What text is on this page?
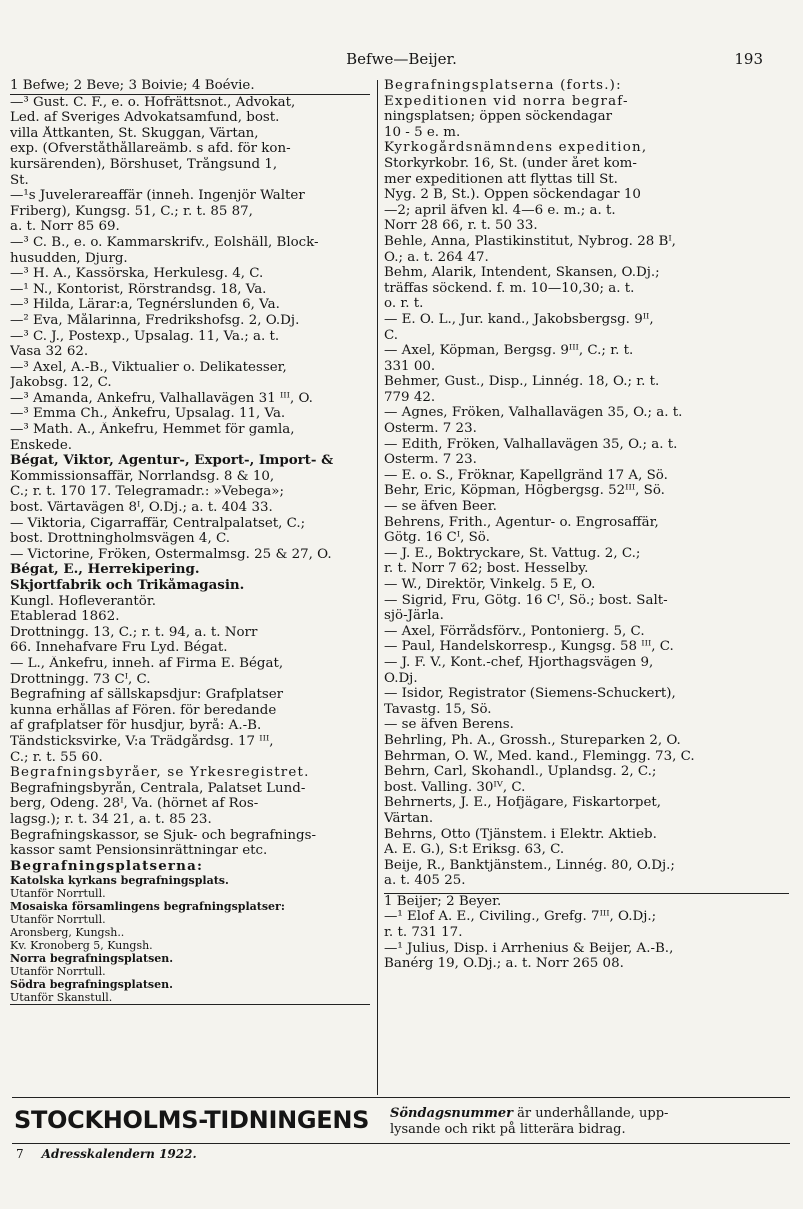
Befwe—Beijer.	193
1 Befwe; 2 Beve; 3 Boivie; 4 Boévie.
—³ Gust. C. F., e. o. Hofrättsnot., Advokat,
Led. af Sveriges Advokatsamfund, bost.
villa Åttkanten, St. Skuggan, Värtan,
exp. (Öfverståthållareämb. s afd. för kon-
kursärenden), Börshuset, Trångsund 1,
St.
—¹s Juvelerareaffär (inneh. Ingenjör Walter
Friberg), Kungsg. 51, C.; r. t. 85 87,
a. t. Norr 85 69.
—³ C. B., e. o. Kammarskrifv., Eolshäll, Block-
husudden, Djurg.
—³ H. A., Kassörska, Herkulesg. 4, C.
—¹ N., Kontorist, Rörstrandsg. 18, Va.
—³ Hilda, Lärar:a, Tegnérslunden 6, Va.
—² Eva, Målarinna, Fredrikshofsg. 2, Ö.Dj.
—³ C. J., Postexp., Upsalag. 11, Va.; a. t.
Vasa 32 62.
—³ Axel, A.-B., Viktualier o. Delikatesser,
Jakobsg. 12, C.
—³ Amanda, Ankefru, Valhallavägen 31 ᴵᴵᴵ, Ö.
—³ Emma Ch., Änkefru, Upsalag. 11, Va.
—³ Math. A., Änkefru, Hemmet för gamla,
Enskede.
Bégat, Viktor, Agentur-, Export-, Import- &
Kommissionsaffär, Norrlandsg. 8 & 10,
C.; r. t. 170 17. Telegramadr.: »Vebega»;
bost. Värtavägen 8ᴵ, Ö.Dj.; a. t. 404 33.
— Viktoria, Cigarraffär, Centralpalatset, C.;
bost. Drottningholmsvägen 4, C.
— Victorine, Fröken, Östermalmsg. 25 & 27, Ö.
Bégat, E., Herrekipering.
Skjortfabrik och Trikåmagasin.
Kungl. Hofleverantör.
Etablerad 1862.
Drottningg. 13, C.; r. t. 94, a. t. Norr
66. Innehafvare Fru Lyd. Bégat.
— L., Änkefru, inneh. af Firma E. Bégat,
Drottningg. 73 Cᴵ, C.
Begrafning af sällskapsdjur: Grafplatser
kunna erhållas af Fören. för beredande
af grafplatser för husdjur, byrå: A.-B.
Tändsticksvirke, V:a Trädgårdsg. 17 ᴵᴵᴵ,
C.; r. t. 55 60.
Begrafningsbyråer, se Yrkesregistret.
Begrafningsbyrån, Centrala, Palatset Lund-
berg, Odeng. 28ᴵ, Va. (hörnet af Ros-
lagsg.); r. t. 34 21, a. t. 85 23.
Begrafningskassor, se Sjuk- och begrafnings-
kassor samt Pensionsinrättningar etc.
Begrafningsplatserna:
Katolska kyrkans begrafningsplats.
Utanför Norrtull.
Mosaiska församlingens begrafningsplatser:
Utanför Norrtull.
Aronsberg, Kungsh..
Kv. Kronoberg 5, Kungsh.
Norra begrafningsplatsen.
Utanför Norrtull.
Södra begrafningsplatsen.
Utanför Skanstull.
Begrafningsplatserna (forts.):
Expeditionen vid norra begraf-
ningsplatsen; öppen söckendagar
10 - 5 e. m.
Kyrkogårdsnämndens expedition,
Storkyrkobr. 16, St. (under året kom-
mer expeditionen att flyttas till St.
Nyg. 2 B, St.). Öppen söckendagar 10
—2; april äfven kl. 4—6 e. m.; a. t.
Norr 28 66, r. t. 50 33.
Behle, Anna, Plastikinstitut, Nybrog. 28 Bᴵ,
Ö.; a. t. 264 47.
Behm, Alarik, Intendent, Skansen, Ö.Dj.;
träffas söckend. f. m. 10—10,30; a. t.
o. r. t.
— E. O. L., Jur. kand., Jakobsbergsg. 9ᴵᴵ,
C.
— Axel, Köpman, Bergsg. 9ᴵᴵᴵ, C.; r. t.
331 00.
Behmer, Gust., Disp., Linnég. 18, Ö.; r. t.
779 42.
— Agnes, Fröken, Valhallavägen 35, Ö.; a. t.
Österm. 7 23.
— Edith, Fröken, Valhallavägen 35, Ö.; a. t.
Österm. 7 23.
— E. o. S., Fröknar, Kapellgränd 17 A, Sö.
Behr, Eric, Köpman, Högbergsg. 52ᴵᴵᴵ, Sö.
— se äfven Beer.
Behrens, Frith., Agentur- o. Engrosaffär,
Götg. 16 Cᴵ, Sö.
— J. E., Boktryckare, St. Vattug. 2, C.;
r. t. Norr 7 62; bost. Hesselby.
— W., Direktör, Vinkelg. 5 E, Ö.
— Sigrid, Fru, Götg. 16 Cᴵ, Sö.; bost. Salt-
sjö-Järla.
— Axel, Förrådsförv., Pontonierg. 5, C.
— Paul, Handelskorresp., Kungsg. 58 ᴵᴵᴵ, C.
— J. F. V., Kont.-chef, Hjorthagsvägen 9,
Ö.Dj.
— Isidor, Registrator (Siemens-Schuckert),
Tavastg. 15, Sö.
— se äfven Berens.
Behrling, Ph. A., Grossh., Stureparken 2, Ö.
Behrman, O. W., Med. kand., Flemingg. 73, C.
Behrn, Carl, Skohandl., Uplandsg. 2, C.;
bost. Valling. 30ᴵⱽ, C.
Behrnerts, J. E., Hofjägare, Fiskartorpet,
Värtan.
Behrns, Otto (Tjänstem. i Elektr. Aktieb.
A. E. G.), S:t Eriksg. 63, C.
Beije, R., Banktjänstem., Linnég. 80, Ö.Dj.;
a. t. 405 25.
1 Beijer; 2 Beyer.
—¹ Elof A. E., Civiling., Grefg. 7ᴵᴵᴵ, Ö.Dj.;
r. t. 731 17.
—¹ Julius, Disp. i Arrhenius & Beijer, A.-B.,
Banérg 19, Ö.Dj.; a. t. Norr 265 08.
STOCKHOLMS-TIDNINGENS Söndagsnummer är underhållande, upp-
lysande och rikt på litterära bidrag.
7 Adresskalendern 1922.
